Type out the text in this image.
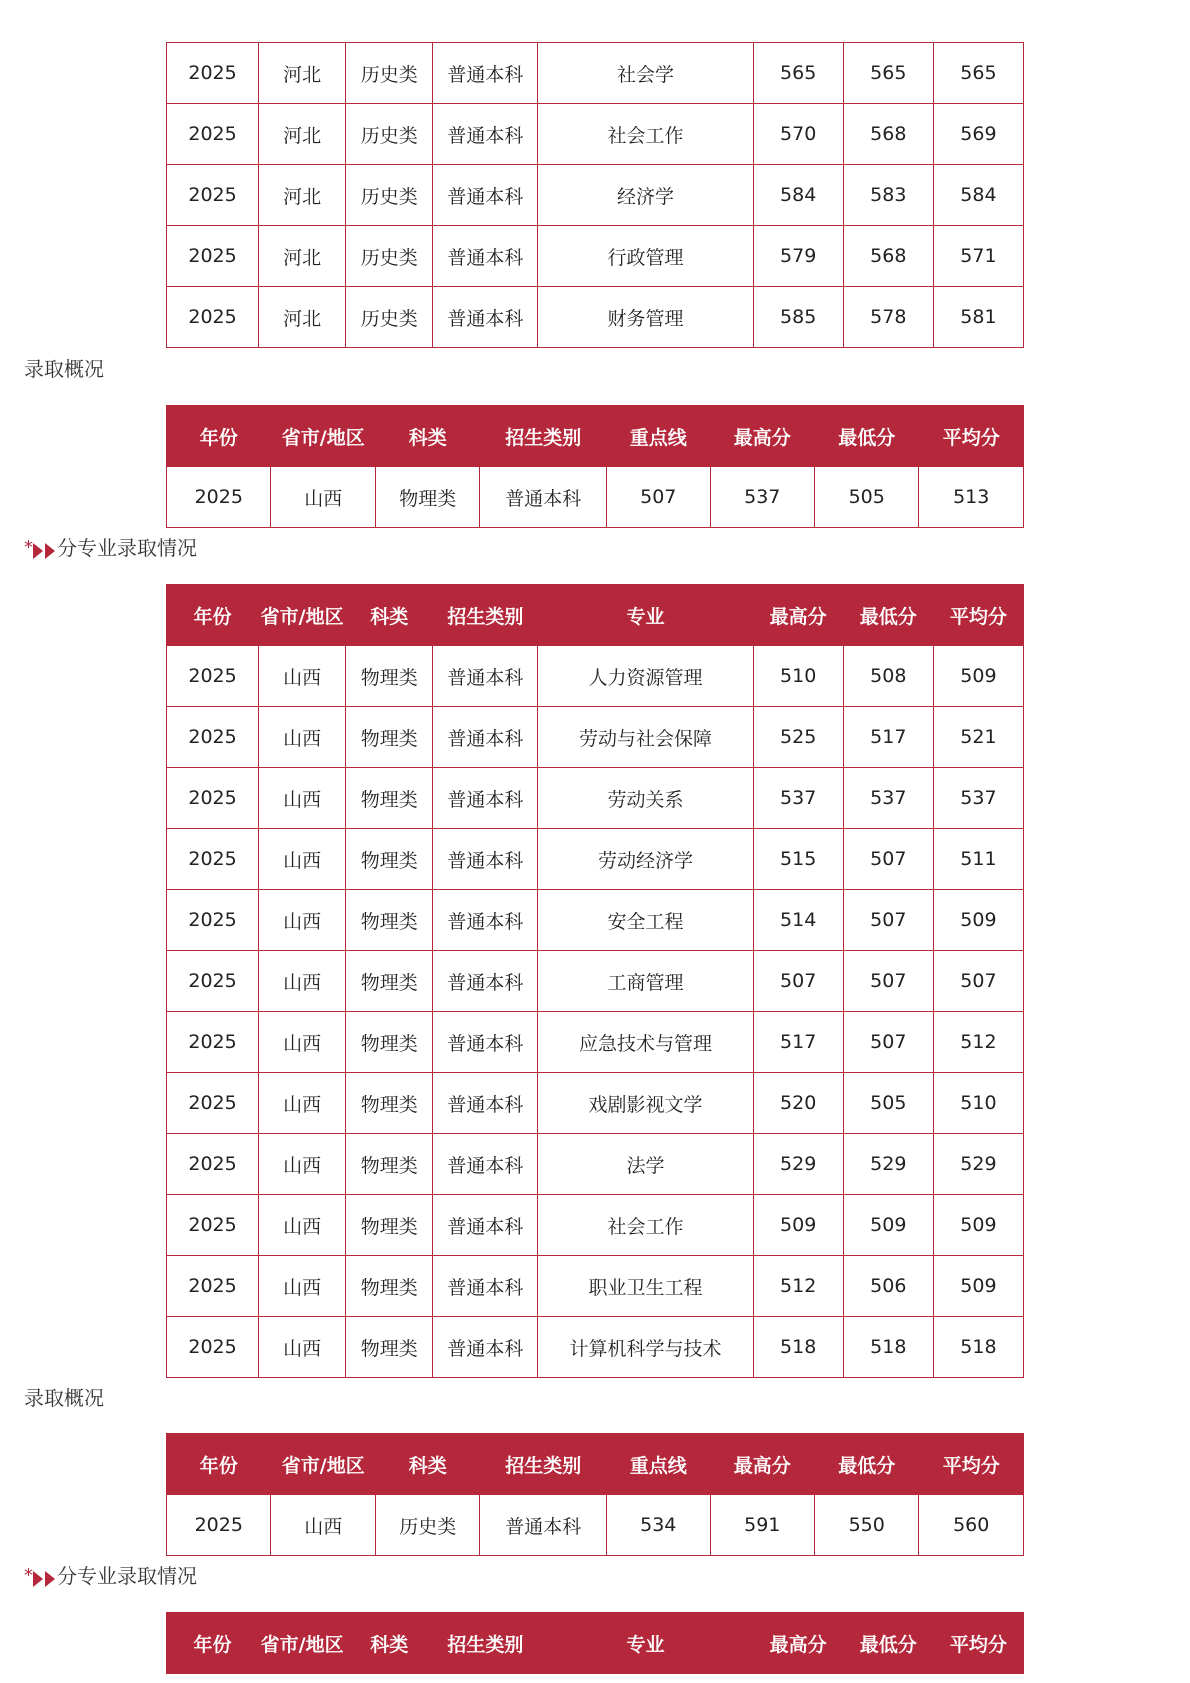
2025	河北	历史类	普通本科	社会学	565	565	565
2025	河北	历史类	普通本科	社会工作	570	568	569
2025	河北	历史类	普通本科	经济学	584	583	584
2025	河北	历史类	普通本科	行政管理	579	568	571
2025	河北	历史类	普通本科	财务管理	585	578	581
录取概况
年份	省市/地区	科类	招生类别	重点线	最高分	最低分	平均分
2025	山西	物理类	普通本科	507	537	505	513
* 分专业录取情况
年份	省市/地区	科类	招生类别	专业	最高分	最低分	平均分
2025	山西	物理类	普通本科	人力资源管理	510	508	509
2025	山西	物理类	普通本科	劳动与社会保障	525	517	521
2025	山西	物理类	普通本科	劳动关系	537	537	537
2025	山西	物理类	普通本科	劳动经济学	515	507	511
2025	山西	物理类	普通本科	安全工程	514	507	509
2025	山西	物理类	普通本科	工商管理	507	507	507
2025	山西	物理类	普通本科	应急技术与管理	517	507	512
2025	山西	物理类	普通本科	戏剧影视文学	520	505	510
2025	山西	物理类	普通本科	法学	529	529	529
2025	山西	物理类	普通本科	社会工作	509	509	509
2025	山西	物理类	普通本科	职业卫生工程	512	506	509
2025	山西	物理类	普通本科	计算机科学与技术	518	518	518
录取概况
年份	省市/地区	科类	招生类别	重点线	最高分	最低分	平均分
2025	山西	历史类	普通本科	534	591	550	560
* 分专业录取情况
年份	省市/地区	科类	招生类别	专业	最高分	最低分	平均分
